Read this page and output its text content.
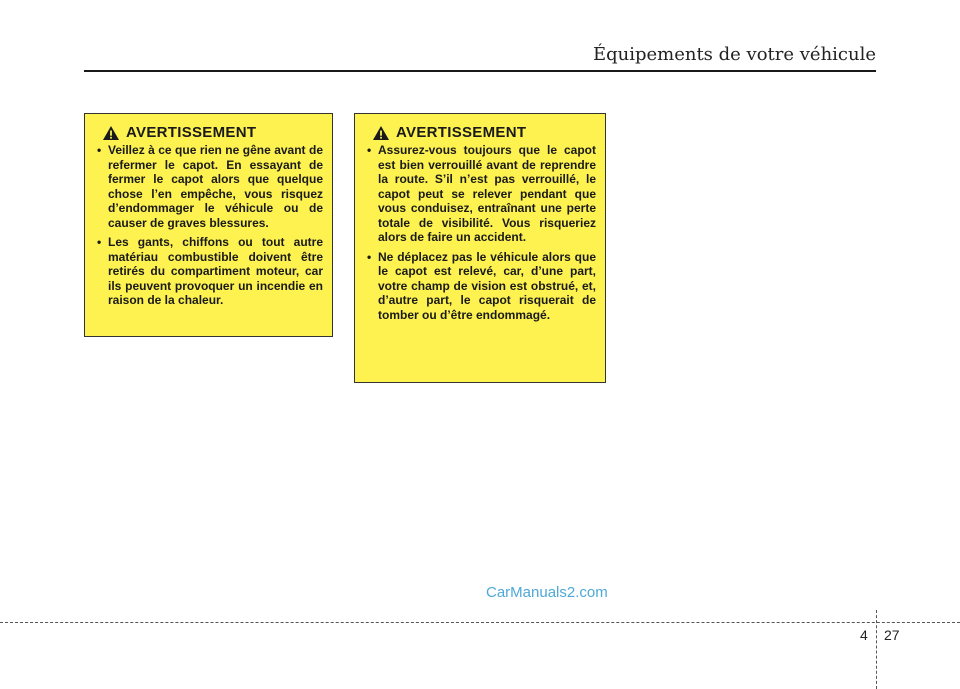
Équipements de votre véhicule
AVERTISSEMENT
• Veillez à ce que rien ne gêne avant de refermer le capot. En essayant de fermer le capot alors que quelque chose l’en empêche, vous risquez d’endommager le véhicule ou de causer de graves blessures.
• Les gants, chiffons ou tout autre matériau combustible doivent être retirés du compartiment moteur, car ils peuvent provoquer un incendie en raison de la chaleur.
AVERTISSEMENT
• Assurez-vous toujours que le capot est bien verrouillé avant de reprendre la route. S’il n’est pas verrouillé, le capot peut se relever pendant que vous conduisez, entraînant une perte totale de visibilité. Vous risqueriez alors de faire un accident.
• Ne déplacez pas le véhicule alors que le capot est relevé, car, d’une part, votre champ de vision est obstrué, et, d’autre part, le capot risquerait de tomber ou d’être endommagé.
CarManuals2.com
4 27
